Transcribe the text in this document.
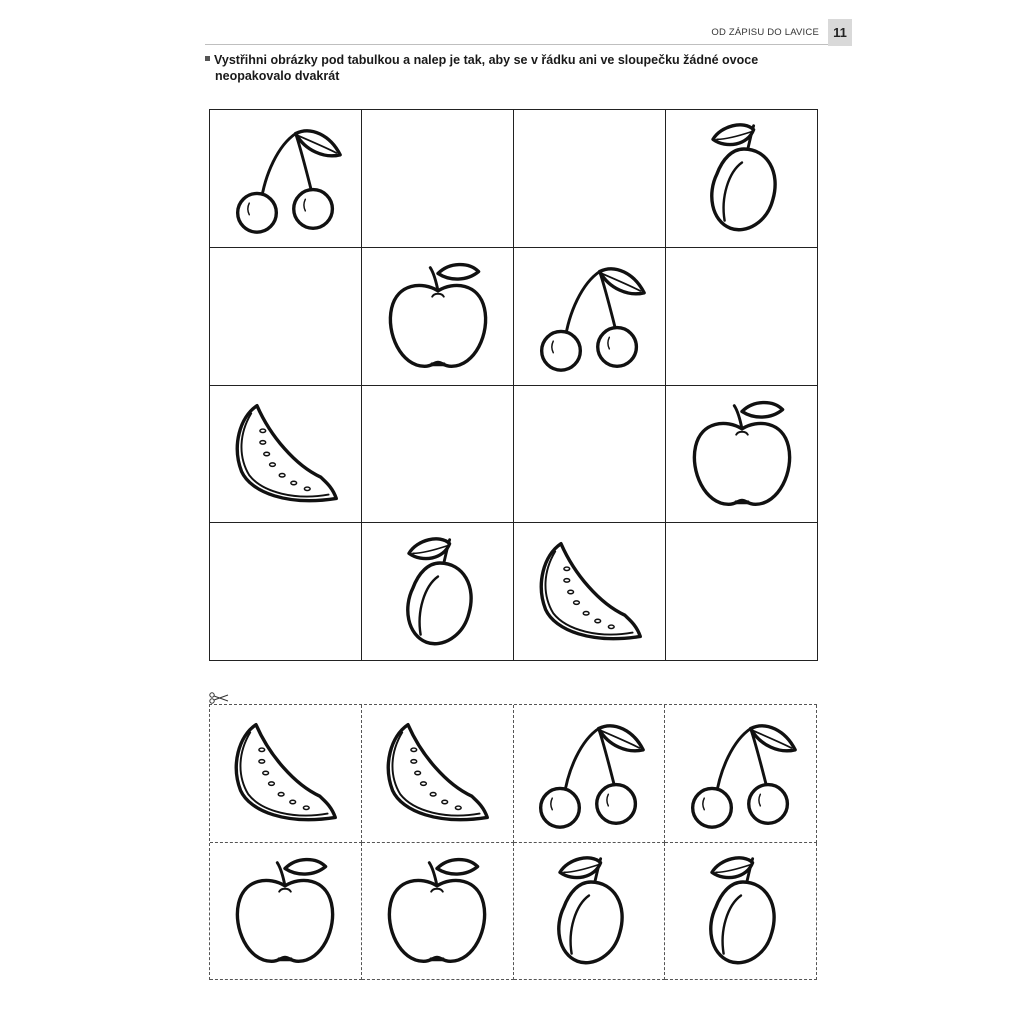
OD ZÁPISU DO LAVICE	11
Vystřihni obrázky pod tabulkou a nalep je tak, aby se v řádku ani ve sloupečku žádné ovoce
neopakovalo dvakrát
